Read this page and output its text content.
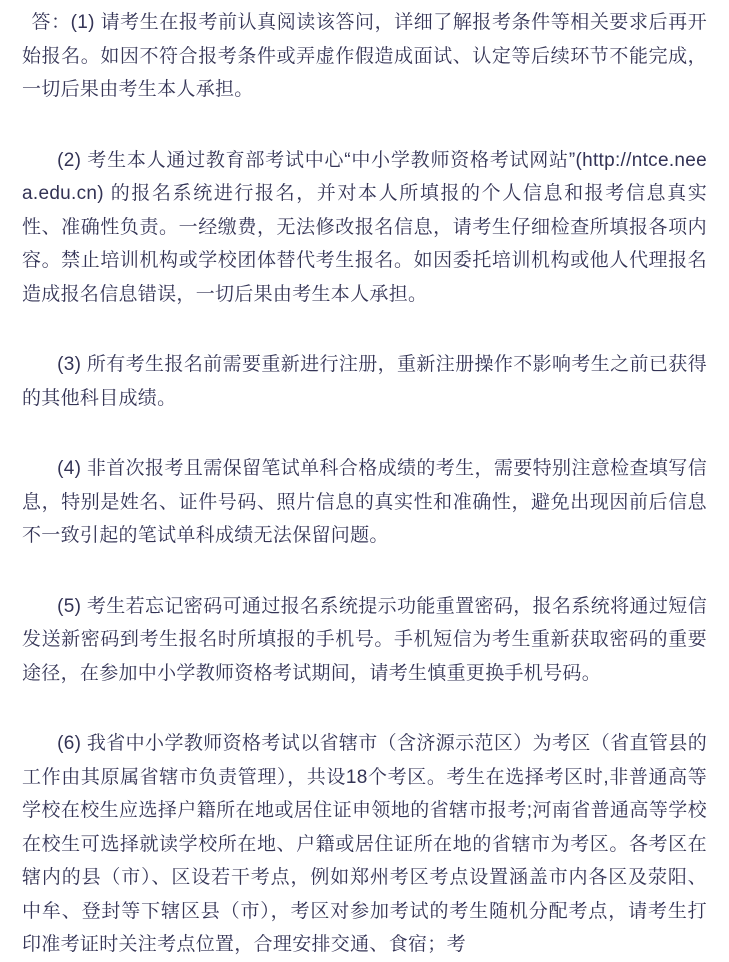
答：(1) 请考生在报考前认真阅读该答问，详细了解报考条件等相关要求后再开始报名。如因不符合报考条件或弄虚作假造成面试、认定等后续环节不能完成，一切后果由考生本人承担。

(2) 考生本人通过教育部考试中心“中小学教师资格考试网站”(http://ntce.neea.edu.cn) 的报名系统进行报名，并对本人所填报的个人信息和报考信息真实性、准确性负责。一经缴费，无法修改报名信息，请考生仔细检查所填报各项内容。禁止培训机构或学校团体替代考生报名。如因委托培训机构或他人代理报名造成报名信息错误，一切后果由考生本人承担。

(3) 所有考生报名前需要重新进行注册，重新注册操作不影响考生之前已获得的其他科目成绩。

(4) 非首次报考且需保留笔试单科合格成绩的考生，需要特别注意检查填写信息，特别是姓名、证件号码、照片信息的真实性和准确性，避免出现因前后信息不一致引起的笔试单科成绩无法保留问题。

(5) 考生若忘记密码可通过报名系统提示功能重置密码，报名系统将通过短信发送新密码到考生报名时所填报的手机号。手机短信为考生重新获取密码的重要途径，在参加中小学教师资格考试期间，请考生慎重更换手机号码。

(6) 我省中小学教师资格考试以省辖市（含济源示范区）为考区（省直管县的工作由其原属省辖市负责管理），共设18个考区。考生在选择考区时,非普通高等学校在校生应选择户籍所在地或居住证申领地的省辖市报考;河南省普通高等学校在校生可选择就读学校所在地、户籍或居住证所在地的省辖市为考区。各考区在辖内的县（市）、区设若干考点，例如郑州考区考点设置涵盖市内各区及荥阳、中牟、登封等下辖区县（市），考区对参加考试的考生随机分配考点，请考生打印准考证时关注考点位置，合理安排交通、食宿；考
